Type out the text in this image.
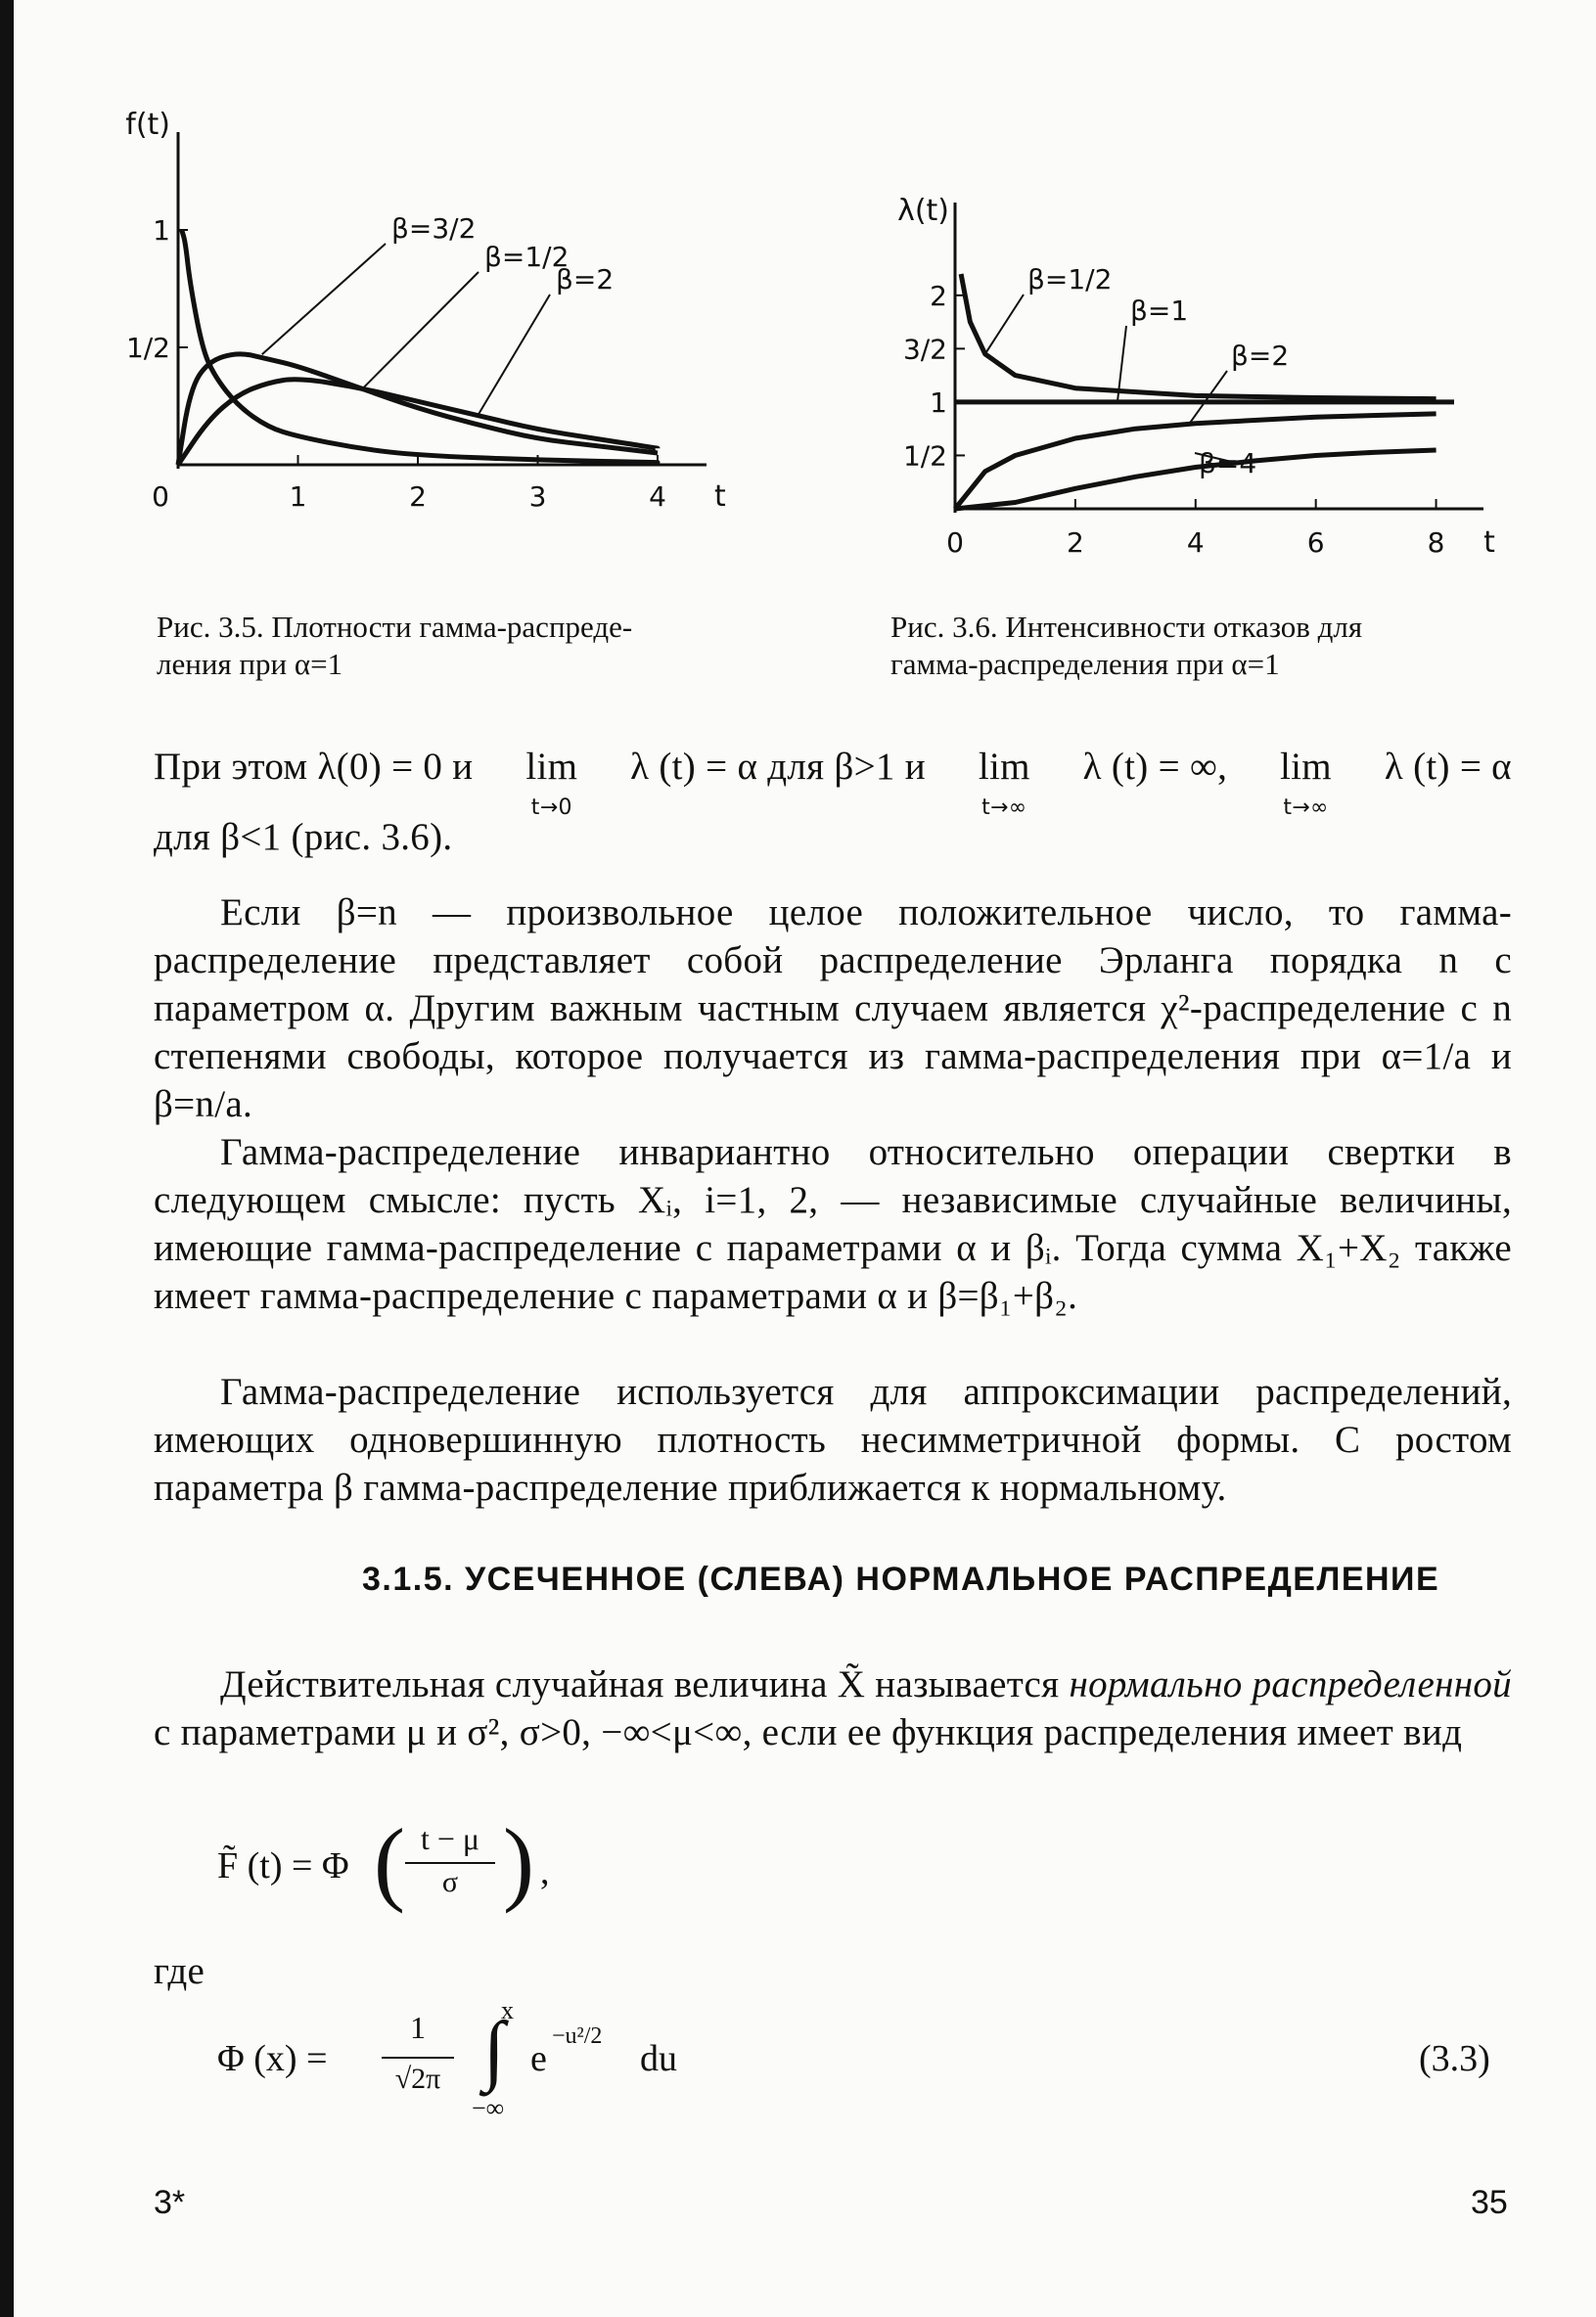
f(t)
t
0	1	2	3	4
1
1/2
β=3/2
β=1/2
β=2
λ(t)
t
0	2	4	6	8
2
3/2
1
1/2
β=1/2
β=1
β=2
β=4
Рис. 3.5. Плотности гамма-распреде-
ления при α=1
Рис. 3.6. Интенсивности отказов для
гамма-распределения при α=1
При этом λ(0) = 0 и lim
t→0
λ (t) = α для β>1 и lim
t→∞
λ (t) = ∞, lim
t→∞
λ (t) = α
для β<1 (рис. 3.6).
Если β=n — произвольное целое положительное число, то гамма-распределение представляет собой распределение Эрланга порядка n с параметром α. Другим важным частным случаем является χ²-распределение с n степенями свободы, которое получается из гамма-распределения при α=1/a и β=n/a.
Гамма-распределение инвариантно относительно операции свертки в следующем смысле: пусть Xᵢ, i=1, 2, — независимые случайные величины, имеющие гамма-распределение с параметрами α и βᵢ. Тогда сумма X₁+X₂ также имеет гамма-распределение с параметрами α и β=β₁+β₂.
Гамма-распределение используется для аппроксимации распределений, имеющих одновершинную плотность несимметричной формы. С ростом параметра β гамма-распределение приближается к нормальному.
3.1.5. УСЕЧЕННОЕ (СЛЕВА) НОРМАЛЬНОЕ РАСПРЕДЕЛЕНИЕ
Действительная случайная величина X̃ называется нормально распределенной с параметрами μ и σ², σ>0, −∞<μ<∞, если ее функция распределения имеет вид
F̃ (t) = Φ ( t − μ
σ ) ,
где
Φ (x) =
1
√2π
x
∫
−∞
e
−u²/2
du	(3.3)
3*	35
